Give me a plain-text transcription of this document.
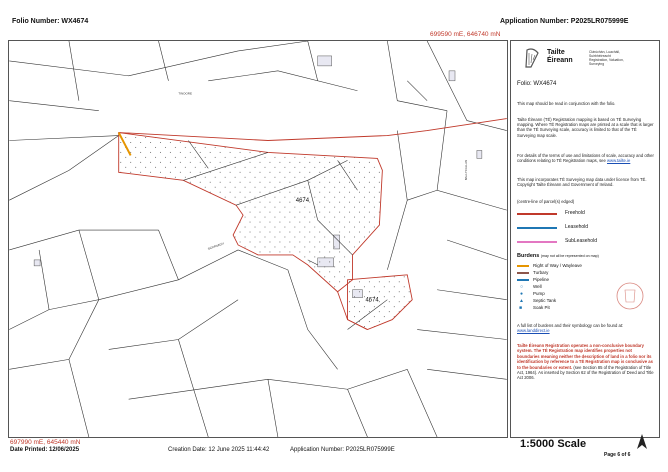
Folio Number: WX4674	Application Number: P2025LR075999E
699590 mE, 646740 mN
4674
4674
TINOORE
SCRANAGH
BALLYCALLAN
Tailte
Éireann
Clárúchán, Luacháil,
Suirbhéireacht
Registration, Valuation,
Surveying
Folio: WX4674
This map should be read in conjunction with the folio.
Tailte Éireann (TÉ) Registration mapping is based on TÉ Surveying mapping. Where TÉ Registration maps are printed at a scale that is larger than the TÉ Surveying scale, accuracy is limited to that of the TÉ Surveying map scale.
For details of the terms of use and limitations of scale, accuracy and other conditions relating to TÉ Registration maps, see www.tailte.ie
This map incorporates TÉ Surveying map data under licence from TÉ. Copyright Tailte Éireann and Government of Ireland.
(centre-line of parcel(s) edged)
Freehold
Leasehold
SubLeasehold
Burdens (may not all be represented on map)
Right of Way / Wayleave
Turbary
Pipeline
○ Well
● Pump
▲ Septic Tank
■ Soak Pit
A full list of burdens and their symbology can be found at: www.landdirect.ie
Tailte Éireann Registration operates a non-conclusive boundary system. The TÉ Registration map identifies properties not boundaries meaning neither the description of land in a folio nor its identification by reference to a TÉ Registration map is conclusive as to the boundaries or extent. (see Section 85 of the Registration of Title Act, 1964). As inserted by Section 62 of the Registration of Deed and Title Act 2006.
697990 mE, 645440 mN
Date Printed: 12/06/2025	Creation Date: 12 June 2025 11:44:42	Application Number: P2025LR075999E	1:5000 Scale
Page 6 of 6
